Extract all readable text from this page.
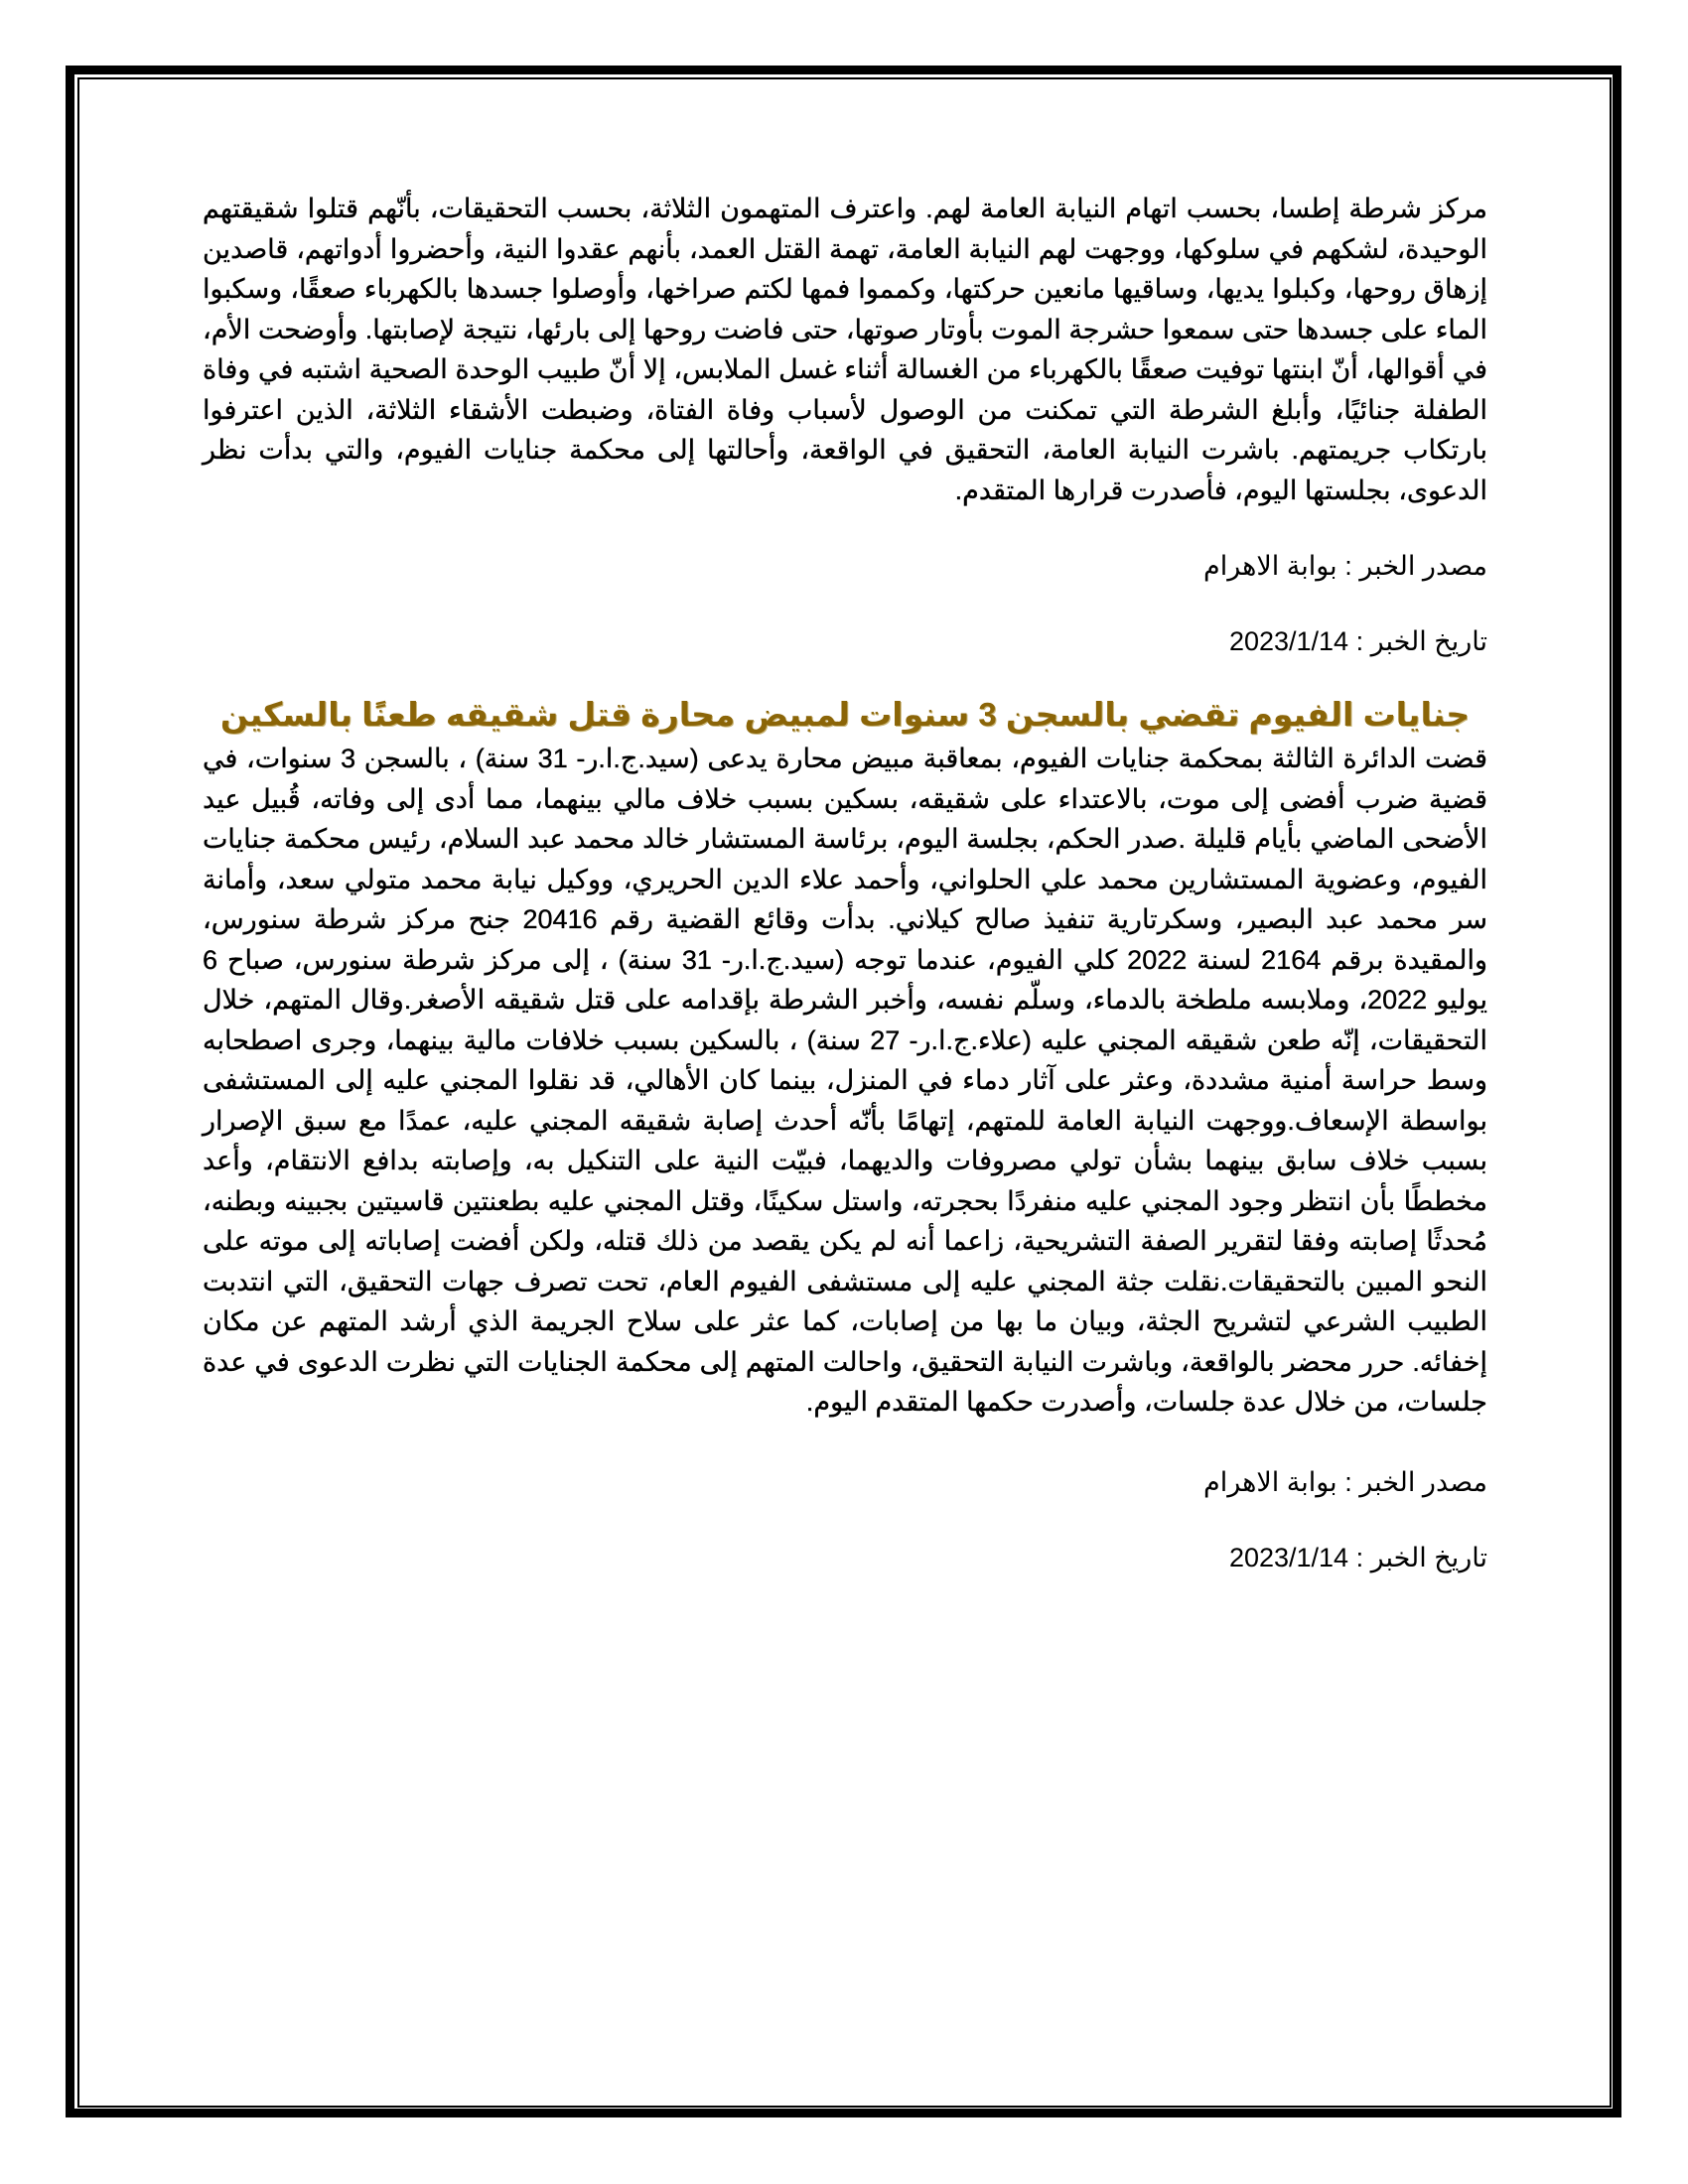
مركز شرطة إطسا، بحسب اتهام النيابة العامة لهم. واعترف المتهمون الثلاثة، بحسب التحقيقات، بأنّهم قتلوا شقيقتهم الوحيدة، لشكهم في سلوكها، ووجهت لهم النيابة العامة، تهمة القتل العمد، بأنهم عقدوا النية، وأحضروا أدواتهم، قاصدين إزهاق روحها، وكبلوا يديها، وساقيها مانعين حركتها، وكمموا فمها لكتم صراخها، وأوصلوا جسدها بالكهرباء صعقًا، وسكبوا الماء على جسدها حتى سمعوا حشرجة الموت بأوتار صوتها، حتى فاضت روحها إلى بارئها، نتيجة لإصابتها. وأوضحت الأم، في أقوالها، أنّ ابنتها توفيت صعقًا بالكهرباء من الغسالة أثناء غسل الملابس، إلا أنّ طبيب الوحدة الصحية اشتبه في وفاة الطفلة جنائيًا، وأبلغ الشرطة التي تمكنت من الوصول لأسباب وفاة الفتاة، وضبطت الأشقاء الثلاثة، الذين اعترفوا بارتكاب جريمتهم. باشرت النيابة العامة، التحقيق في الواقعة، وأحالتها إلى محكمة جنايات الفيوم، والتي بدأت نظر الدعوى، بجلستها اليوم، فأصدرت قرارها المتقدم.

مصدر الخبر : بوابة الاهرام

تاريخ الخبر : 2023/1/14

جنايات الفيوم تقضي بالسجن 3 سنوات لمبيض محارة قتل شقيقه طعنًا بالسكين

قضت الدائرة الثالثة بمحكمة جنايات الفيوم، بمعاقبة مبيض محارة يدعى (سيد.ج.ا.ر- 31 سنة) ، بالسجن 3 سنوات، في قضية ضرب أفضى إلى موت، بالاعتداء على شقيقه، بسكين بسبب خلاف مالي بينهما، مما أدى إلى وفاته، قُبيل عيد الأضحى الماضي بأيام قليلة .صدر الحكم، بجلسة اليوم، برئاسة المستشار خالد محمد عبد السلام، رئيس محكمة جنايات الفيوم، وعضوية المستشارين محمد علي الحلواني، وأحمد علاء الدين الحريري، ووكيل نيابة محمد متولي سعد، وأمانة سر محمد عبد البصير، وسكرتارية تنفيذ صالح كيلاني. بدأت وقائع القضية رقم 20416 جنح مركز شرطة سنورس، والمقيدة برقم 2164 لسنة 2022 كلي الفيوم، عندما توجه (سيد.ج.ا.ر- 31 سنة) ، إلى مركز شرطة سنورس، صباح 6 يوليو 2022، وملابسه ملطخة بالدماء، وسلّم نفسه، وأخبر الشرطة بإقدامه على قتل شقيقه الأصغر.وقال المتهم، خلال التحقيقات، إنّه طعن شقيقه المجني عليه (علاء.ج.ا.ر- 27 سنة) ، بالسكين بسبب خلافات مالية بينهما، وجرى اصطحابه وسط حراسة أمنية مشددة، وعثر على آثار دماء في المنزل، بينما كان الأهالي، قد نقلوا المجني عليه إلى المستشفى بواسطة الإسعاف.ووجهت النيابة العامة للمتهم، إتهامًا بأنّه أحدث إصابة شقيقه المجني عليه، عمدًا مع سبق الإصرار بسبب خلاف سابق بينهما بشأن تولي مصروفات والديهما، فبيّت النية على التنكيل به، وإصابته بدافع الانتقام، وأعد مخططًا بأن انتظر وجود المجني عليه منفردًا بحجرته، واستل سكينًا، وقتل المجني عليه بطعنتين قاسيتين بجبينه وبطنه، مُحدثًا إصابته وفقا لتقرير الصفة التشريحية، زاعما أنه لم يكن يقصد من ذلك قتله، ولكن أفضت إصاباته إلى موته على النحو المبين بالتحقيقات.نقلت جثة المجني عليه إلى مستشفى الفيوم العام، تحت تصرف جهات التحقيق، التي انتدبت الطبيب الشرعي لتشريح الجثة، وبيان ما بها من إصابات، كما عثر على سلاح الجريمة الذي أرشد المتهم عن مكان إخفائه. حرر محضر بالواقعة، وباشرت النيابة التحقيق، واحالت المتهم إلى محكمة الجنايات التي نظرت الدعوى في عدة جلسات، من خلال عدة جلسات، وأصدرت حكمها المتقدم اليوم.

مصدر الخبر : بوابة الاهرام

تاريخ الخبر : 2023/1/14
